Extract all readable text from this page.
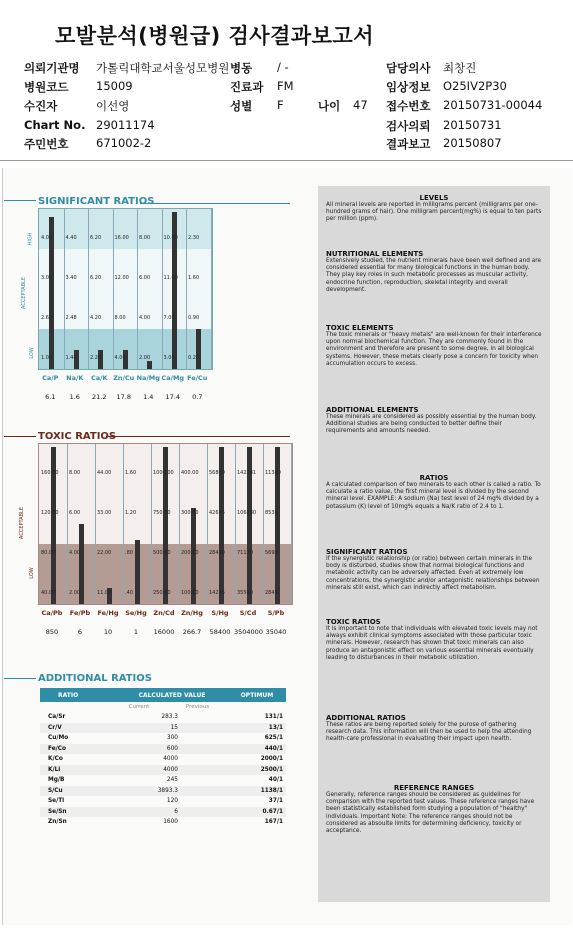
모발분석(병원급) 검사결과보고서
의뢰기관명 가톨릭대학교서울성모병원 병동 / -	담당의사 최창진
병원코드 15009	진료과 FM	임상정보 O25IV2P30
수진자	이선영	성별 F	나이 47 접수번호 20150731-00044
Chart No. 29011174	검사의뢰 20150731
주민번호 671002-2	결과보고 20150807
SIGNIFICANT RATIOS
4.00
3.00
2.60
1.00
4.40
3.40
2.48
1.40
6.20
6.20
4.20
2.20
16.00
12.00
8.00
4.00
8.00
6.00
4.00
2.00
10.00
11.00
7.00
3.00
2.30
1.60
0.90
0.20
HIGH
ACCEPTABLE
LOW
Ca/P	Na/K	Ca/K Zn/Cu Na/Mg Ca/Mg Fe/Cu
6.1	1.6	21.2	17.8	1.4	17.4	0.7
TOXIC RATIOS
160.00
120.00
80.00
40.00
8.00
6.00
4.00
2.00
44.00
33.00
22.00
11.00
1.60
1.20
.80
.40
1000.00
750.00
500.00
250.00
400.00
300.00
200.00
100.00
56800
42675
28450
14225
142281
106880
71120
35560
11380
8535
5690
2845
ACCEPTABLE
LOW
Ca/Pb	Fe/Pb	Fe/Hg	Se/Hg	Zn/Cd	Zn/Hg	S/Hg	S/Cd	S/Pb
850	6	10	1	16000	266.7	58400 3504000 35040
ADDITIONAL RATIOS
RATIO	CALCULATED VALUE	OPTIMUM
Current	Previous
Ca/Sr	283.3	131/1
Cr/V	15	13/1
Cu/Mo	300	625/1
Fe/Co	600	440/1
K/Co	4000	2000/1
K/Li	4000	2500/1
Mg/B	245	40/1
S/Cu	3893.3	1138/1
Se/Tl	120	37/1
Se/Sn	6	0.67/1
Zn/Sn	1600	167/1
LEVELS

All mineral levels are reported in milligrams percent (milligrams per one-hundred grams of hair). One milligram percent(mg%) is equal to ten parts per million (ppm).

NUTRITIONAL ELEMENTS

Extensively studied, the nutrient minerals have been well defined and are considered essential for many biological functions in the human body. They play key roles in such metabolic processes as muscular activity, endocrine function, reproduction, skeletal integrity and overall development.

TOXIC ELEMENTS

The toxic minerals or "heavy metals" are well-known for their interference upon normal biochemical function. They are commonly found in the environment and therefore are present to some degree, in all biological systems. However, these metals clearly pose a concern for toxicity when accumulation occurs to excess.

ADDITIONAL ELEMENTS

These minerals are considered as possibly essential by the human body. Additional studies are being conducted to better define their requirements and amounts needed.

RATIOS

A calculated comparison of two minerals to each other is called a ratio. To calculate a ratio value, the first mineral level is divided by the second mineral level. EXAMPLE: A sodium (Na) test level of 24 mg% divided by a potassium (K) level of 10mg% equals a Na/K ratio of 2.4 to 1.

SIGNIFICANT RATIOS

If the synergistic relationship (or ratio) between certain minerals in the body is disturbed, studies show that normal biological functions and metabolic activity can be adversely affected. Even at extremely low concentrations, the synergistic and/or antagonistic relationships between minerals still exist, which can indirectly affect metabolism.

TOXIC RATIOS

It is important to note that individuals with elevated toxic levels may not always exhibit clinical symptoms associated with those particular toxic minerals. However, research has shown that toxic minerals can also produce an antagonistic effect on various essential minerals eventually leading to disturbances in their metabolic utilization.

ADDITIONAL RATIOS

These ratios are being reported solely for the purose of gathering research data. This information will then be used to help the attending health-care professional in evaluating their impact upon health.

REFERENCE RANGES

Generally, reference ranges should be considered as guidelines for comparison with the reported test values. These reference ranges have been statistically established form studying a population of "healthy" individuals. Important Note: The reference ranges should not be considered as absoulte limits for determining deficiency, toxicity or acceptance.
